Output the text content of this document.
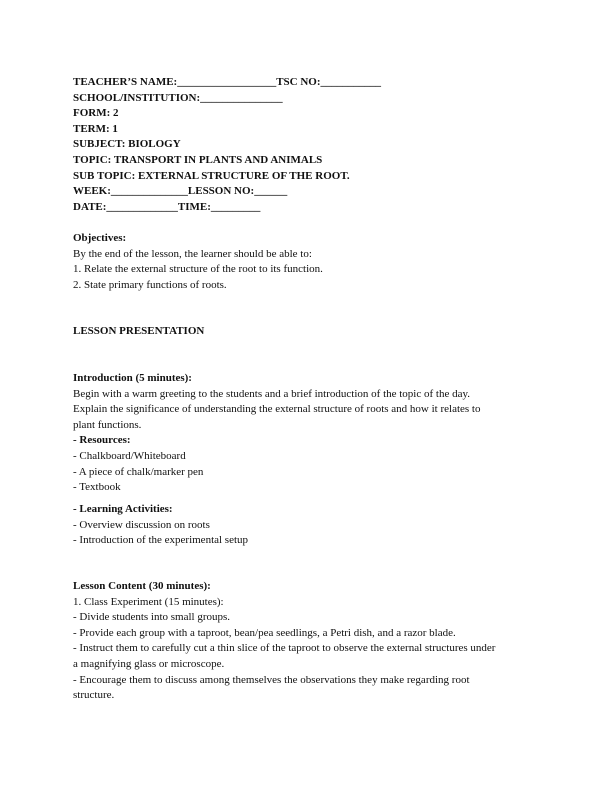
TEACHER’S NAME:__________________TSC NO:___________
SCHOOL/INSTITUTION:_______________
FORM: 2
TERM: 1
SUBJECT: BIOLOGY
TOPIC: TRANSPORT IN PLANTS AND ANIMALS
SUB TOPIC: EXTERNAL STRUCTURE OF THE ROOT.
WEEK:______________LESSON NO:______
DATE:_____________TIME:_________
Objectives:
By the end of the lesson, the learner should be able to:
1. Relate the external structure of the root to its function.
2. State primary functions of roots.
LESSON PRESENTATION
Introduction (5 minutes):
Begin with a warm greeting to the students and a brief introduction of the topic of the day.
Explain the significance of understanding the external structure of roots and how it relates to
plant functions.
- Resources:
- Chalkboard/Whiteboard
- A piece of chalk/marker pen
- Textbook
- Learning Activities:
- Overview discussion on roots
- Introduction of the experimental setup
Lesson Content (30 minutes):
1. Class Experiment (15 minutes):
- Divide students into small groups.
- Provide each group with a taproot, bean/pea seedlings, a Petri dish, and a razor blade.
- Instruct them to carefully cut a thin slice of the taproot to observe the external structures under
a magnifying glass or microscope.
- Encourage them to discuss among themselves the observations they make regarding root
structure.
